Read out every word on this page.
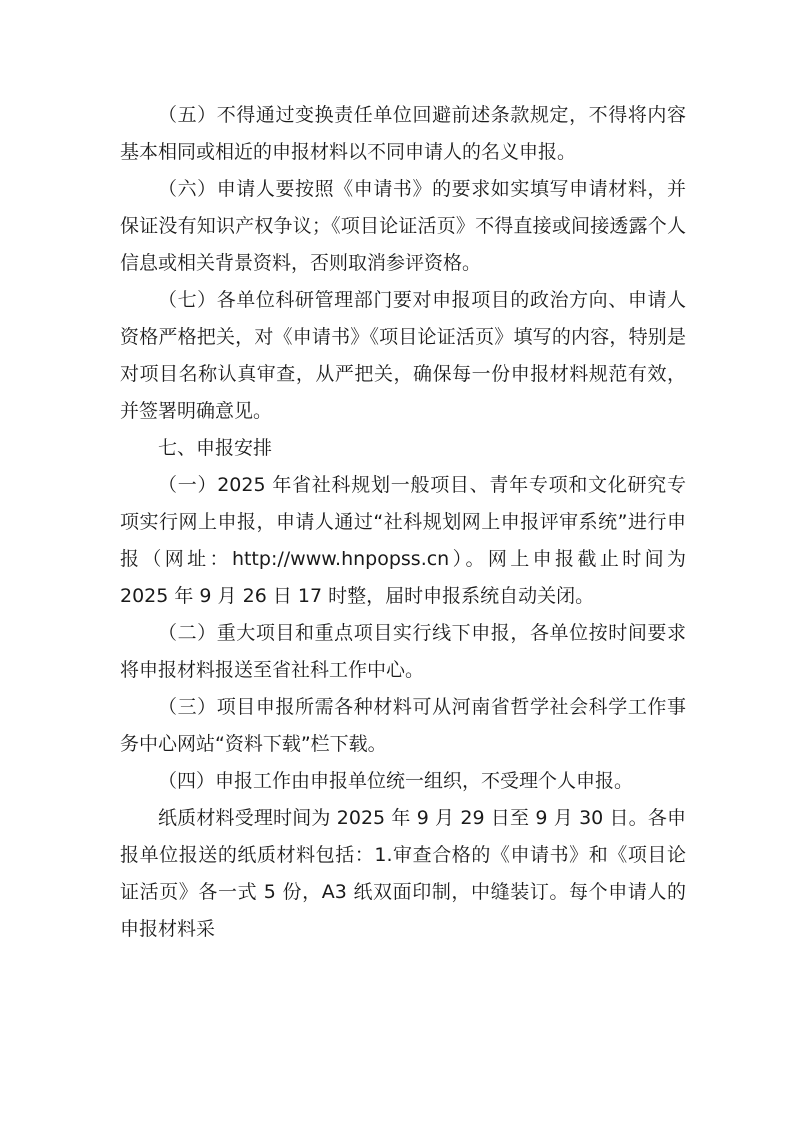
（五）不得通过变换责任单位回避前述条款规定，不得将内容基本相同或相近的申报材料以不同申请人的名义申报。

（六）申请人要按照《申请书》的要求如实填写申请材料，并保证没有知识产权争议；《项目论证活页》不得直接或间接透露个人信息或相关背景资料，否则取消参评资格。

（七）各单位科研管理部门要对申报项目的政治方向、申请人资格严格把关，对《申请书》《项目论证活页》填写的内容，特别是对项目名称认真审查，从严把关，确保每一份申报材料规范有效，并签署明确意见。

七、申报安排

（一）2025 年省社科规划一般项目、青年专项和文化研究专项实行网上申报，申请人通过“社科规划网上申报评审系统”进行申报（网址：http://www.hnpopss.cn）。网上申报截止时间为 2025 年 9 月 26 日 17 时整，届时申报系统自动关闭。

（二）重大项目和重点项目实行线下申报，各单位按时间要求将申报材料报送至省社科工作中心。

（三）项目申报所需各种材料可从河南省哲学社会科学工作事务中心网站“资料下载”栏下载。

（四）申报工作由申报单位统一组织，不受理个人申报。

纸质材料受理时间为 2025 年 9 月 29 日至 9 月 30 日。各申报单位报送的纸质材料包括：1.审查合格的《申请书》和《项目论证活页》各一式 5 份，A3 纸双面印制，中缝装订。每个申请人的申报材料采
